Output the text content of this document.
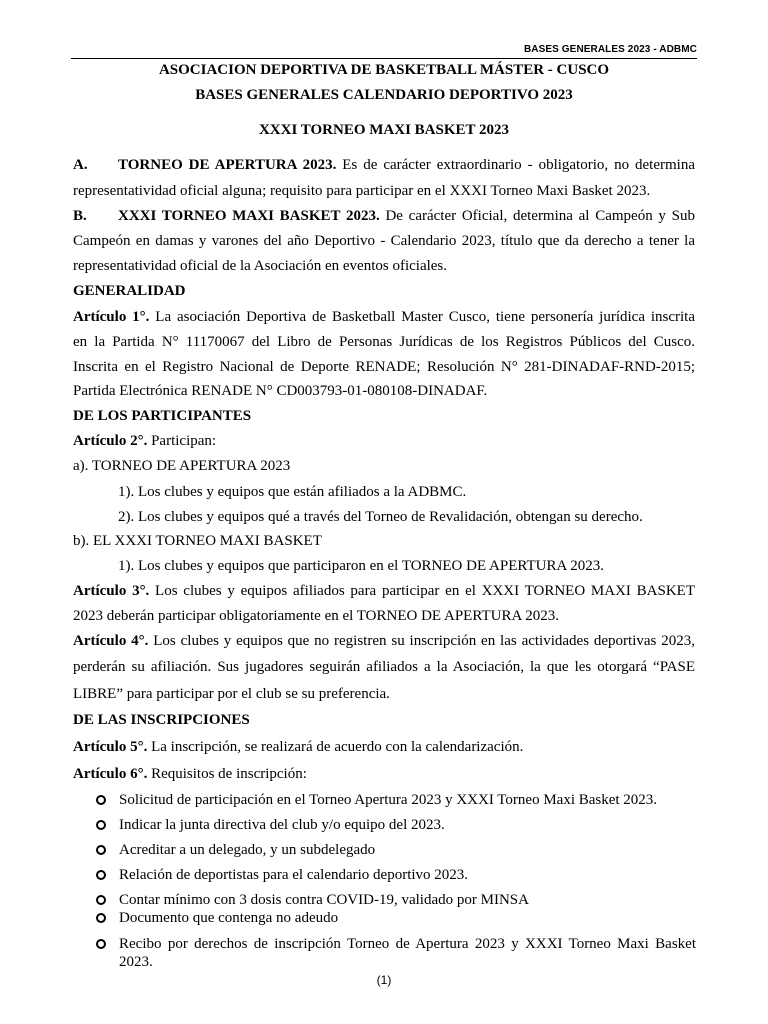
BASES GENERALES 2023 - ADBMC
ASOCIACION DEPORTIVA DE BASKETBALL MÁSTER - CUSCO
BASES GENERALES CALENDARIO DEPORTIVO 2023
XXXI TORNEO MAXI BASKET 2023
A. TORNEO DE APERTURA 2023. Es de carácter extraordinario - obligatorio, no determina
representatividad oficial alguna; requisito para participar en el XXXI Torneo Maxi Basket 2023.
B. XXXI TORNEO MAXI BASKET 2023. De carácter Oficial, determina al Campeón y Sub
Campeón en damas y varones del año Deportivo - Calendario 2023, título que da derecho a tener la
representatividad oficial de la Asociación en eventos oficiales.
GENERALIDAD
Artículo 1°. La asociación Deportiva de Basketball Master Cusco, tiene personería jurídica inscrita
en la Partida N° 11170067 del Libro de Personas Jurídicas de los Registros Públicos del Cusco.
Inscrita en el Registro Nacional de Deporte RENADE; Resolución N° 281-DINADAF-RND-2015;
Partida Electrónica RENADE N° CD003793-01-080108-DINADAF.
DE LOS PARTICIPANTES
Artículo 2°. Participan:
a). TORNEO DE APERTURA 2023
1). Los clubes y equipos que están afiliados a la ADBMC.
2). Los clubes y equipos qué a través del Torneo de Revalidación, obtengan su derecho.
b). EL XXXI TORNEO MAXI BASKET
1). Los clubes y equipos que participaron en el TORNEO DE APERTURA 2023.
Artículo 3°. Los clubes y equipos afiliados para participar en el XXXI TORNEO MAXI BASKET
2023 deberán participar obligatoriamente en el TORNEO DE APERTURA 2023.
Artículo 4°. Los clubes y equipos que no registren su inscripción en las actividades deportivas 2023,
perderán su afiliación. Sus jugadores seguirán afiliados a la Asociación, la que les otorgará “PASE
LIBRE” para participar por el club se su preferencia.
DE LAS INSCRIPCIONES
Artículo 5°. La inscripción, se realizará de acuerdo con la calendarización.
Artículo 6°. Requisitos de inscripción:
Solicitud de participación en el Torneo Apertura 2023 y XXXI Torneo Maxi Basket 2023.
Indicar la junta directiva del club y/o equipo del 2023.
Acreditar a un delegado, y un subdelegado
Relación de deportistas para el calendario deportivo 2023.
Contar mínimo con 3 dosis contra COVID-19, validado por MINSA
Documento que contenga no adeudo
Recibo por derechos de inscripción Torneo de Apertura 2023 y XXXI Torneo Maxi Basket
2023.
(1)
